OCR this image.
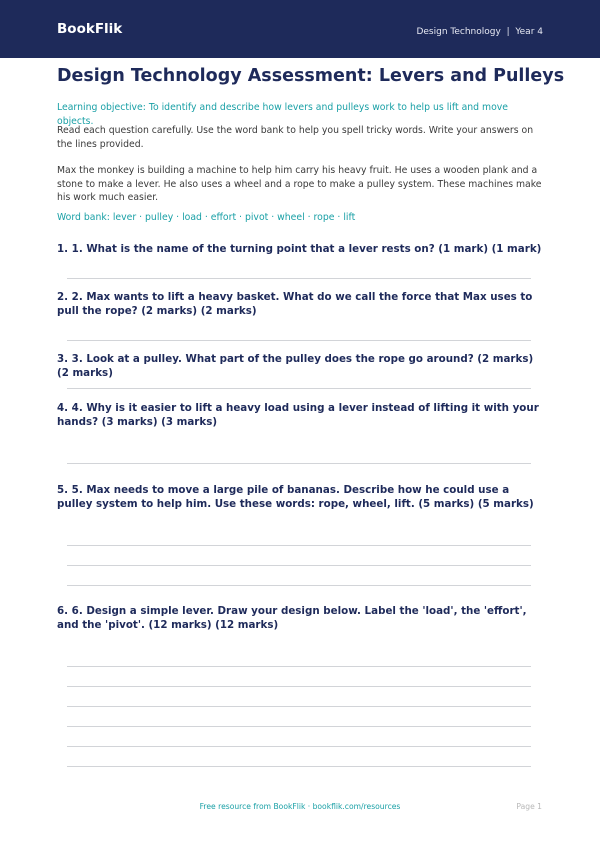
BookFlik	Design Technology | Year 4
Design Technology Assessment: Levers and Pulleys

Learning objective: To identify and describe how levers and pulleys work to help us lift and move objects.

Read each question carefully. Use the word bank to help you spell tricky words. Write your answers on the lines provided.

Max the monkey is building a machine to help him carry his heavy fruit. He uses a wooden plank and a stone to make a lever. He also uses a wheel and a rope to make a pulley system. These machines make his work much easier.

Word bank: lever · pulley · load · effort · pivot · wheel · rope · lift

1. 1. What is the name of the turning point that a lever rests on? (1 mark) (1 mark)

2. 2. Max wants to lift a heavy basket. What do we call the force that Max uses to pull the rope? (2 marks) (2 marks)

3. 3. Look at a pulley. What part of the pulley does the rope go around? (2 marks) (2 marks)

4. 4. Why is it easier to lift a heavy load using a lever instead of lifting it with your hands? (3 marks) (3 marks)

5. 5. Max needs to move a large pile of bananas. Describe how he could use a pulley system to help him. Use these words: rope, wheel, lift. (5 marks) (5 marks)

6. 6. Design a simple lever. Draw your design below. Label the 'load', the 'effort', and the 'pivot'. (12 marks) (12 marks)

Free resource from BookFlik · bookflik.com/resources	Page 1
